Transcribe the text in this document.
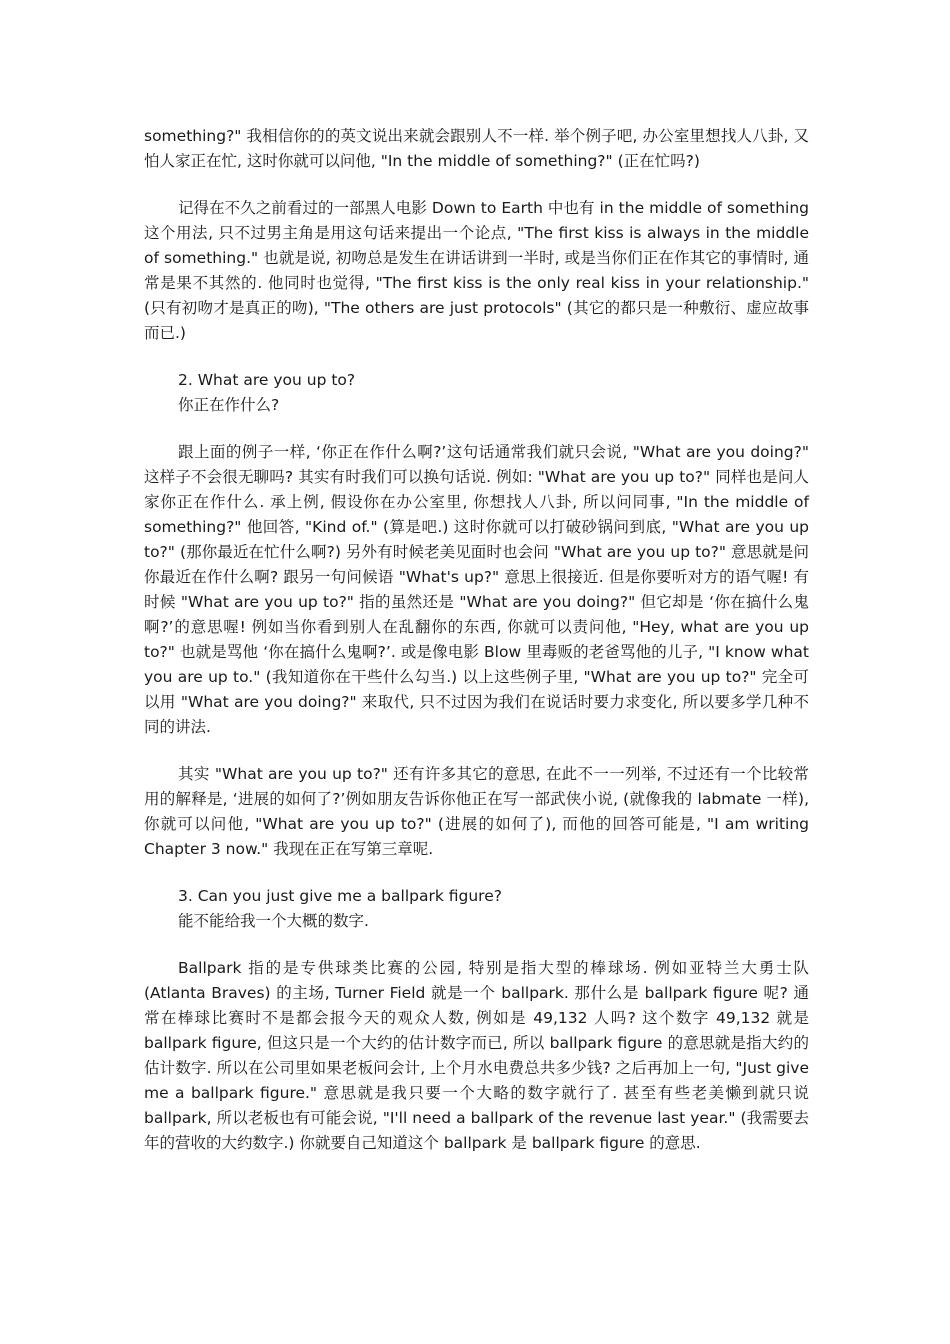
something?" 我相信你的的英文说出来就会跟别人不一样. 举个例子吧, 办公室里想找人八卦, 又怕人家正在忙, 这时你就可以问他, "In the middle of something?" (正在忙吗?)

记得在不久之前看过的一部黑人电影 Down to Earth 中也有 in the middle of something 这个用法, 只不过男主角是用这句话来提出一个论点, "The first kiss is always in the middle of something." 也就是说, 初吻总是发生在讲话讲到一半时, 或是当你们正在作其它的事情时, 通常是果不其然的. 他同时也觉得, "The first kiss is the only real kiss in your relationship." (只有初吻才是真正的吻), "The others are just protocols" (其它的都只是一种敷衍、虚应故事而已.)

2. What are you up to?

你正在作什么?

跟上面的例子一样, ‘你正在作什么啊?’这句话通常我们就只会说, "What are you doing?" 这样子不会很无聊吗? 其实有时我们可以换句话说. 例如: "What are you up to?" 同样也是问人家你正在作什么. 承上例, 假设你在办公室里, 你想找人八卦, 所以问同事, "In the middle of something?" 他回答, "Kind of." (算是吧.) 这时你就可以打破砂锅问到底, "What are you up to?" (那你最近在忙什么啊?) 另外有时候老美见面时也会问 "What are you up to?" 意思就是问你最近在作什么啊? 跟另一句问候语 "What's up?" 意思上很接近. 但是你要听对方的语气喔! 有时候 "What are you up to?" 指的虽然还是 "What are you doing?" 但它却是 ‘你在搞什么鬼啊?’的意思喔! 例如当你看到别人在乱翻你的东西, 你就可以责问他, "Hey, what are you up to?" 也就是骂他 ‘你在搞什么鬼啊?’. 或是像电影 Blow 里毒贩的老爸骂他的儿子, "I know what you are up to." (我知道你在干些什么勾当.) 以上这些例子里, "What are you up to?" 完全可以用 "What are you doing?" 来取代, 只不过因为我们在说话时要力求变化, 所以要多学几种不同的讲法.

其实 "What are you up to?" 还有许多其它的意思, 在此不一一列举, 不过还有一个比较常用的解释是, ‘进展的如何了?’例如朋友告诉你他正在写一部武侠小说, (就像我的 labmate 一样), 你就可以问他, "What are you up to?" (进展的如何了), 而他的回答可能是, "I am writing Chapter 3 now." 我现在正在写第三章呢.

3. Can you just give me a ballpark figure?

能不能给我一个大概的数字.

Ballpark 指的是专供球类比赛的公园, 特别是指大型的棒球场. 例如亚特兰大勇士队 (Atlanta Braves) 的主场, Turner Field 就是一个 ballpark. 那什么是 ballpark figure 呢? 通常在棒球比赛时不是都会报今天的观众人数, 例如是 49,132 人吗? 这个数字 49,132 就是 ballpark figure, 但这只是一个大约的估计数字而已, 所以 ballpark figure 的意思就是指大约的估计数字. 所以在公司里如果老板问会计, 上个月水电费总共多少钱? 之后再加上一句, "Just give me a ballpark figure." 意思就是我只要一个大略的数字就行了. 甚至有些老美懒到就只说 ballpark, 所以老板也有可能会说, "I'll need a ballpark of the revenue last year." (我需要去年的营收的大约数字.) 你就要自己知道这个 ballpark 是 ballpark figure 的意思.
